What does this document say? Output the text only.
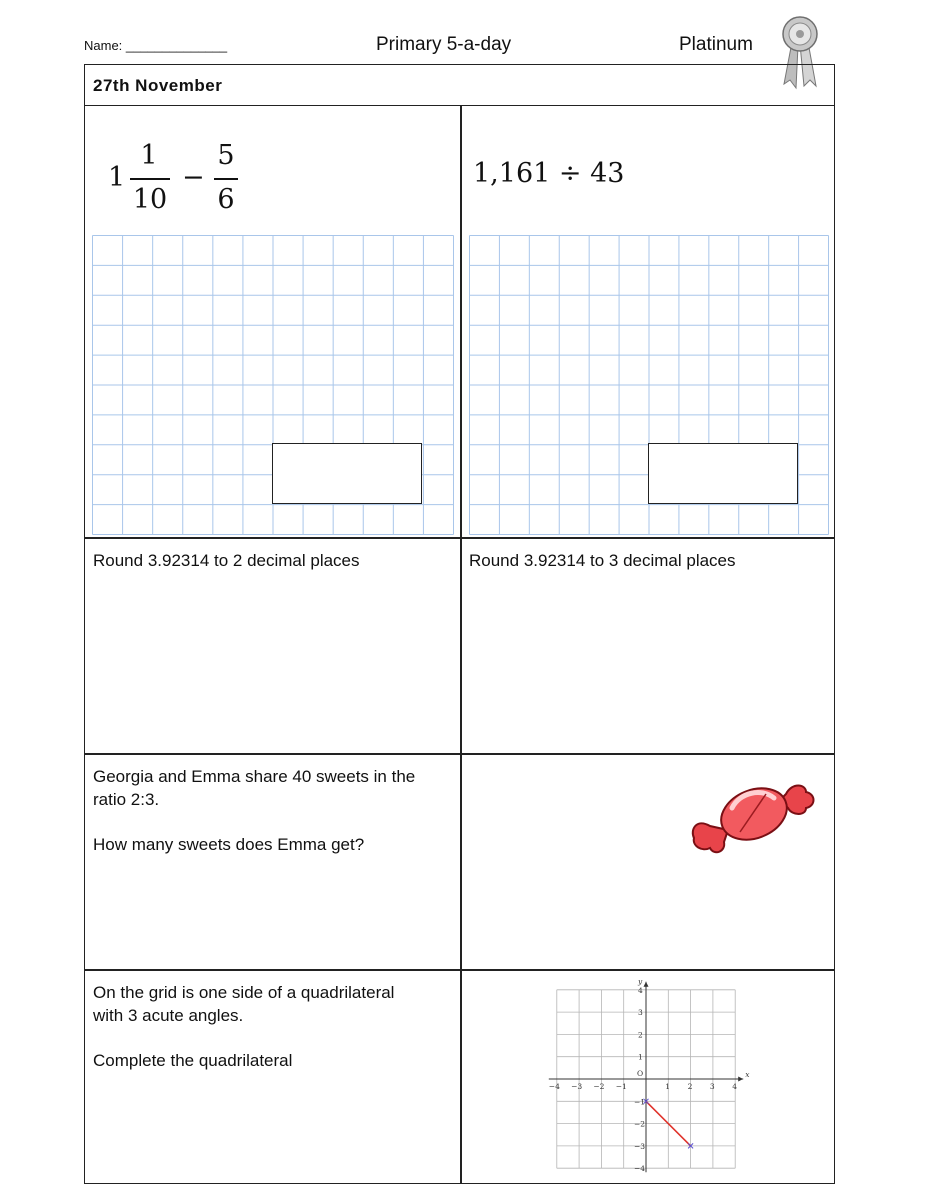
Name: ______________	Primary 5-a-day	Platinum
27th November
1
1
10
−
5
6
1,161 ÷ 43
Round 3.92314 to 2 decimal places	Round 3.92314 to 3 decimal places
Georgia and Emma share 40 sweets in the
ratio 2:3.
How many sweets does Emma get?
On the grid is one side of a quadrilateral
with 3 acute angles.
Complete the quadrilateral
x
y
O
−4 −3 −2 −1	1 2 3 4
4
3
2
1
−1
−2
−3
−4
